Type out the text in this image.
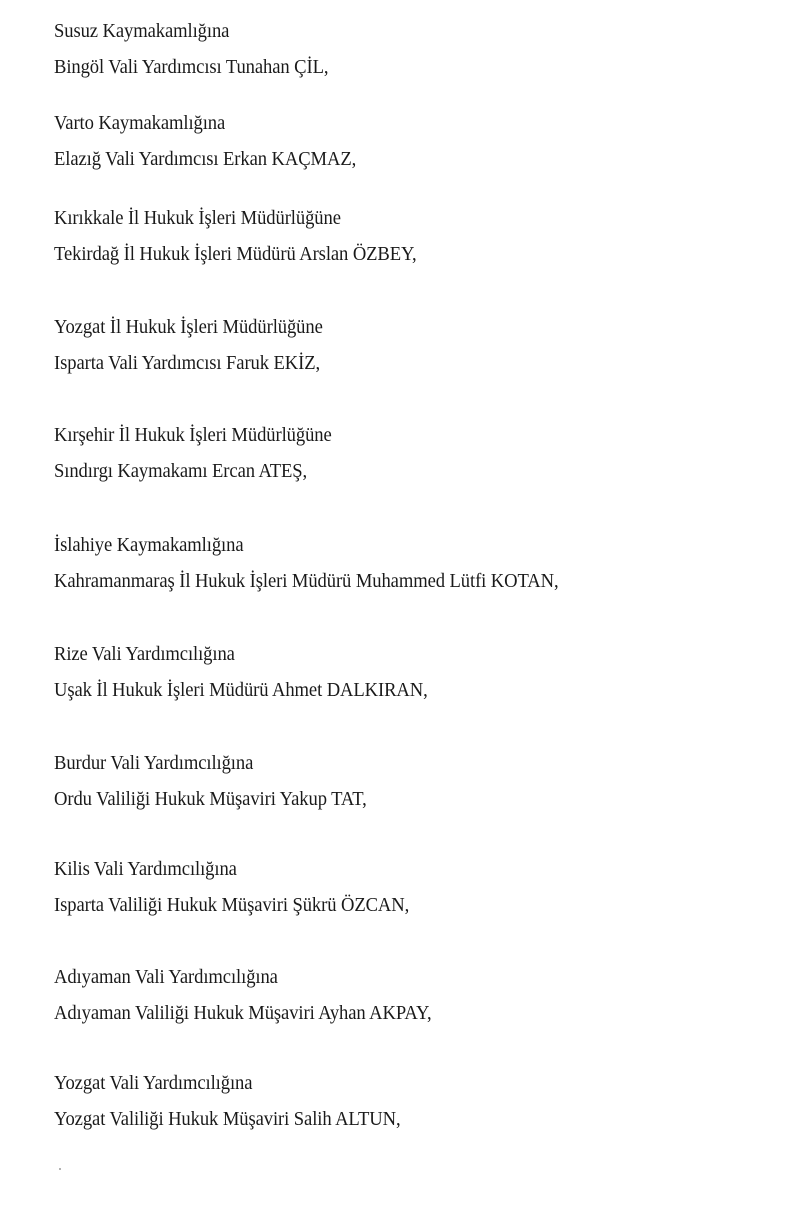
Susuz Kaymakamlığına
Bingöl Vali Yardımcısı Tunahan ÇİL,
Varto Kaymakamlığına
Elazığ Vali Yardımcısı Erkan KAÇMAZ,
Kırıkkale İl Hukuk İşleri Müdürlüğüne
Tekirdağ İl Hukuk İşleri Müdürü Arslan ÖZBEY,
Yozgat İl Hukuk İşleri Müdürlüğüne
Isparta Vali Yardımcısı Faruk EKİZ,
Kırşehir İl Hukuk İşleri Müdürlüğüne
Sındırgı Kaymakamı Ercan ATEŞ,
İslahiye Kaymakamlığına
Kahramanmaraş İl Hukuk İşleri Müdürü Muhammed Lütfi KOTAN,
Rize Vali Yardımcılığına
Uşak İl Hukuk İşleri Müdürü Ahmet DALKIRAN,
Burdur Vali Yardımcılığına
Ordu Valiliği Hukuk Müşaviri Yakup TAT,
Kilis Vali Yardımcılığına
Isparta Valiliği Hukuk Müşaviri Şükrü ÖZCAN,
Adıyaman Vali Yardımcılığına
Adıyaman Valiliği Hukuk Müşaviri Ayhan AKPAY,
Yozgat Vali Yardımcılığına
Yozgat Valiliği Hukuk Müşaviri Salih ALTUN,
